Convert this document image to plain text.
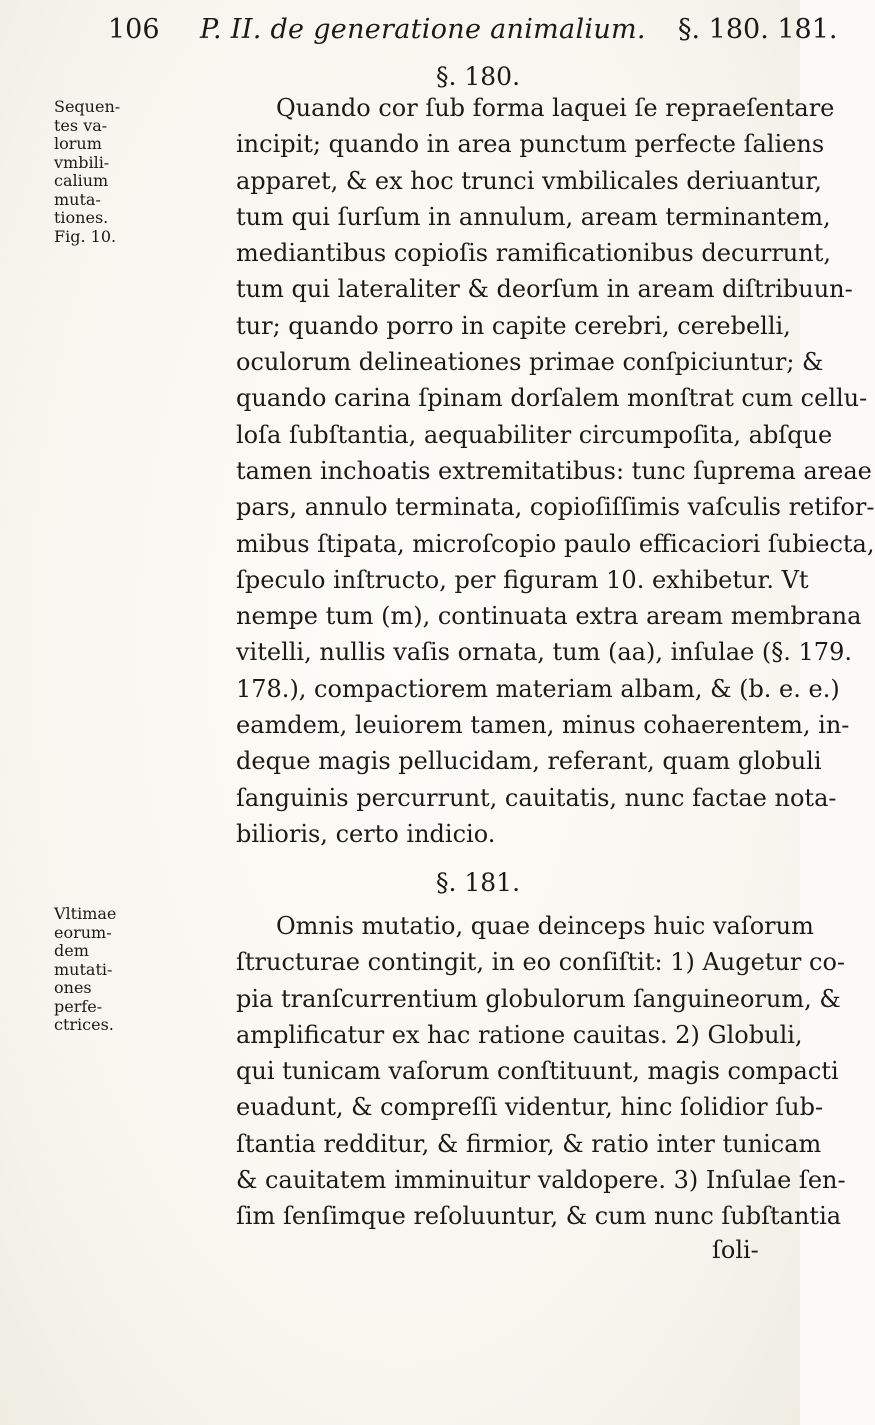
106 P. II. de generatione animalium. §. 180. 181.
§. 180.
Sequen-
tes va-
lorum
vmbili-
calium
muta-
tiones.
Fig. 10.
Quando cor ſub forma laquei ſe repraeſentare
incipit; quando in area punctum perfecte ſaliens
apparet, & ex hoc trunci vmbilicales deriuantur,
tum qui ſurſum in annulum, aream terminantem,
mediantibus copioſis ramificationibus decurrunt,
tum qui lateraliter & deorſum in aream diſtribuun-
tur; quando porro in capite cerebri, cerebelli,
oculorum delineationes primae conſpiciuntur; &
quando carina ſpinam dorſalem monſtrat cum cellu-
loſa ſubſtantia, aequabiliter circumpoſita, abſque
tamen inchoatis extremitatibus: tunc ſuprema areae
pars, annulo terminata, copioſiſſimis vaſculis retifor-
mibus ſtipata, microſcopio paulo efficaciori ſubiecta,
ſpeculo inſtructo, per figuram 10. exhibetur. Vt
nempe tum (m), continuata extra aream membrana
vitelli, nullis vaſis ornata, tum (aa), inſulae (§. 179.
178.), compactiorem materiam albam, & (b. e. e.)
eamdem, leuiorem tamen, minus cohaerentem, in-
deque magis pellucidam, referant, quam globuli
ſanguinis percurrunt, cauitatis, nunc factae nota-
bilioris, certo indicio.
§. 181.
Vltimae
eorum-
dem
mutati-
ones
perfe-
ctrices.
Omnis mutatio, quae deinceps huic vaſorum
ſtructurae contingit, in eo conſiſtit: 1) Augetur co-
pia tranſcurrentium globulorum ſanguineorum, &
amplificatur ex hac ratione cauitas. 2) Globuli,
qui tunicam vaſorum conſtituunt, magis compacti
euadunt, & compreſſi videntur, hinc ſolidior ſub-
ſtantia redditur, & firmior, & ratio inter tunicam
& cauitatem imminuitur valdopere. 3) Inſulae ſen-
ſim ſenſimque reſoluuntur, & cum nunc ſubſtantia
ſoli-
